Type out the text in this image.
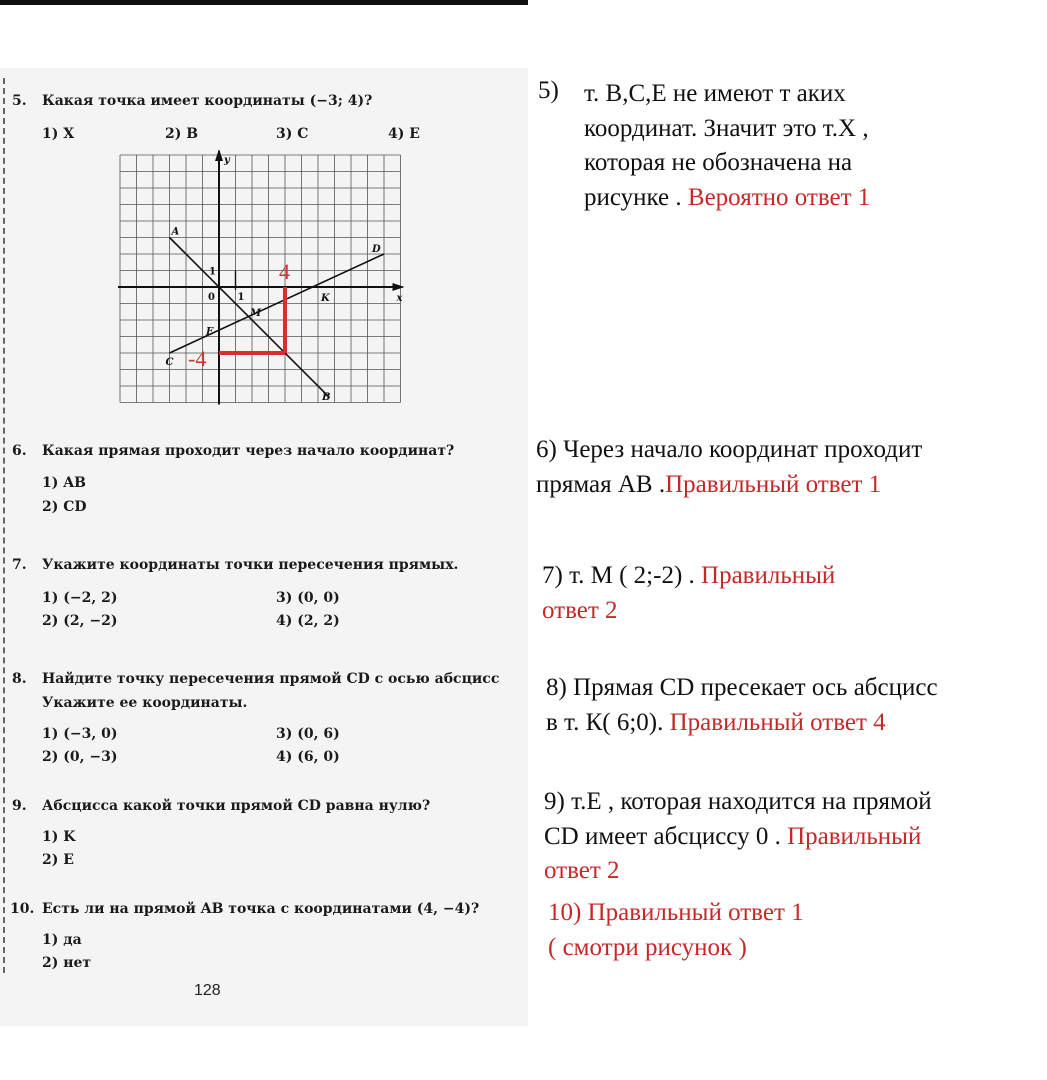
5. Какая точка имеет координаты (−3; 4)?
1) X	2) B	3) C	4) E
A
B
C
D
E
K
M
x
y
0 1
1	4
-4
6. Какая прямая проходит через начало координат?
1) AB
2) CD
7. Укажите координаты точки пересечения прямых.
1) (−2, 2)	3) (0, 0)
2) (2, −2)	4) (2, 2)
8. Найдите точку пересечения прямой CD с осью абсцисс
Укажите ее координаты.
1) (−3, 0)	3) (0, 6)
2) (0, −3)	4) (6, 0)
9. Абсцисса какой точки прямой CD равна нулю?
1) K
2) E
10. Есть ли на прямой AB точка с координатами (4, −4)?
1) да
2) нет
128
5) т. B,C,E не имеют т аких
координат. Значит это т.X ,
которая не обозначена на
рисунке . Вероятно ответ 1
6) Через начало координат проходит
прямая AB .Правильный ответ 1
7) т. M ( 2;-2) . Правильный
ответ 2
8) Прямая CD пресекает ось абсцисс
в т. К( 6;0). Правильный ответ 4
9) т.E , которая находится на прямой
CD имеет абсциссу 0 . Правильный
ответ 2
10) Правильный ответ 1
( смотри рисунок )
